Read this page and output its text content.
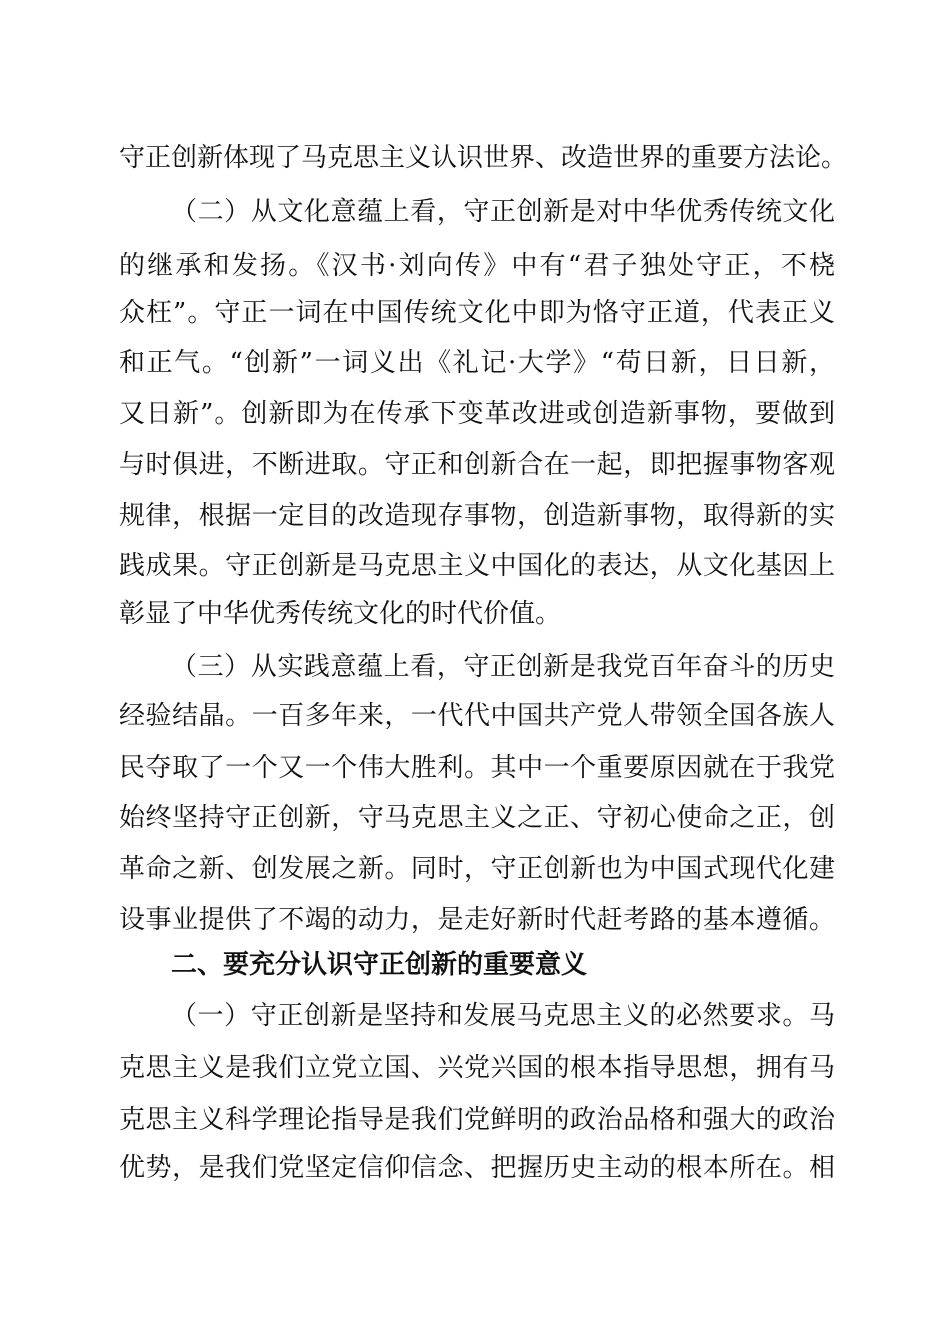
守正创新体现了马克思主义认识世界、改造世界的重要方法论。
（二）从文化意蕴上看，守正创新是对中华优秀传统文化
的继承和发扬。《汉书·刘向传》中有“君子独处守正，不桡
众枉”。守正一词在中国传统文化中即为恪守正道，代表正义
和正气。“创新”一词义出《礼记·大学》“苟日新，日日新，
又日新”。创新即为在传承下变革改进或创造新事物，要做到
与时俱进，不断进取。守正和创新合在一起，即把握事物客观
规律，根据一定目的改造现存事物，创造新事物，取得新的实
践成果。守正创新是马克思主义中国化的表达，从文化基因上
彰显了中华优秀传统文化的时代价值。
（三）从实践意蕴上看，守正创新是我党百年奋斗的历史
经验结晶。一百多年来，一代代中国共产党人带领全国各族人
民夺取了一个又一个伟大胜利。其中一个重要原因就在于我党
始终坚持守正创新，守马克思主义之正、守初心使命之正，创
革命之新、创发展之新。同时，守正创新也为中国式现代化建
设事业提供了不竭的动力，是走好新时代赶考路的基本遵循。
二、要充分认识守正创新的重要意义
（一）守正创新是坚持和发展马克思主义的必然要求。马
克思主义是我们立党立国、兴党兴国的根本指导思想，拥有马
克思主义科学理论指导是我们党鲜明的政治品格和强大的政治
优势，是我们党坚定信仰信念、把握历史主动的根本所在。相
